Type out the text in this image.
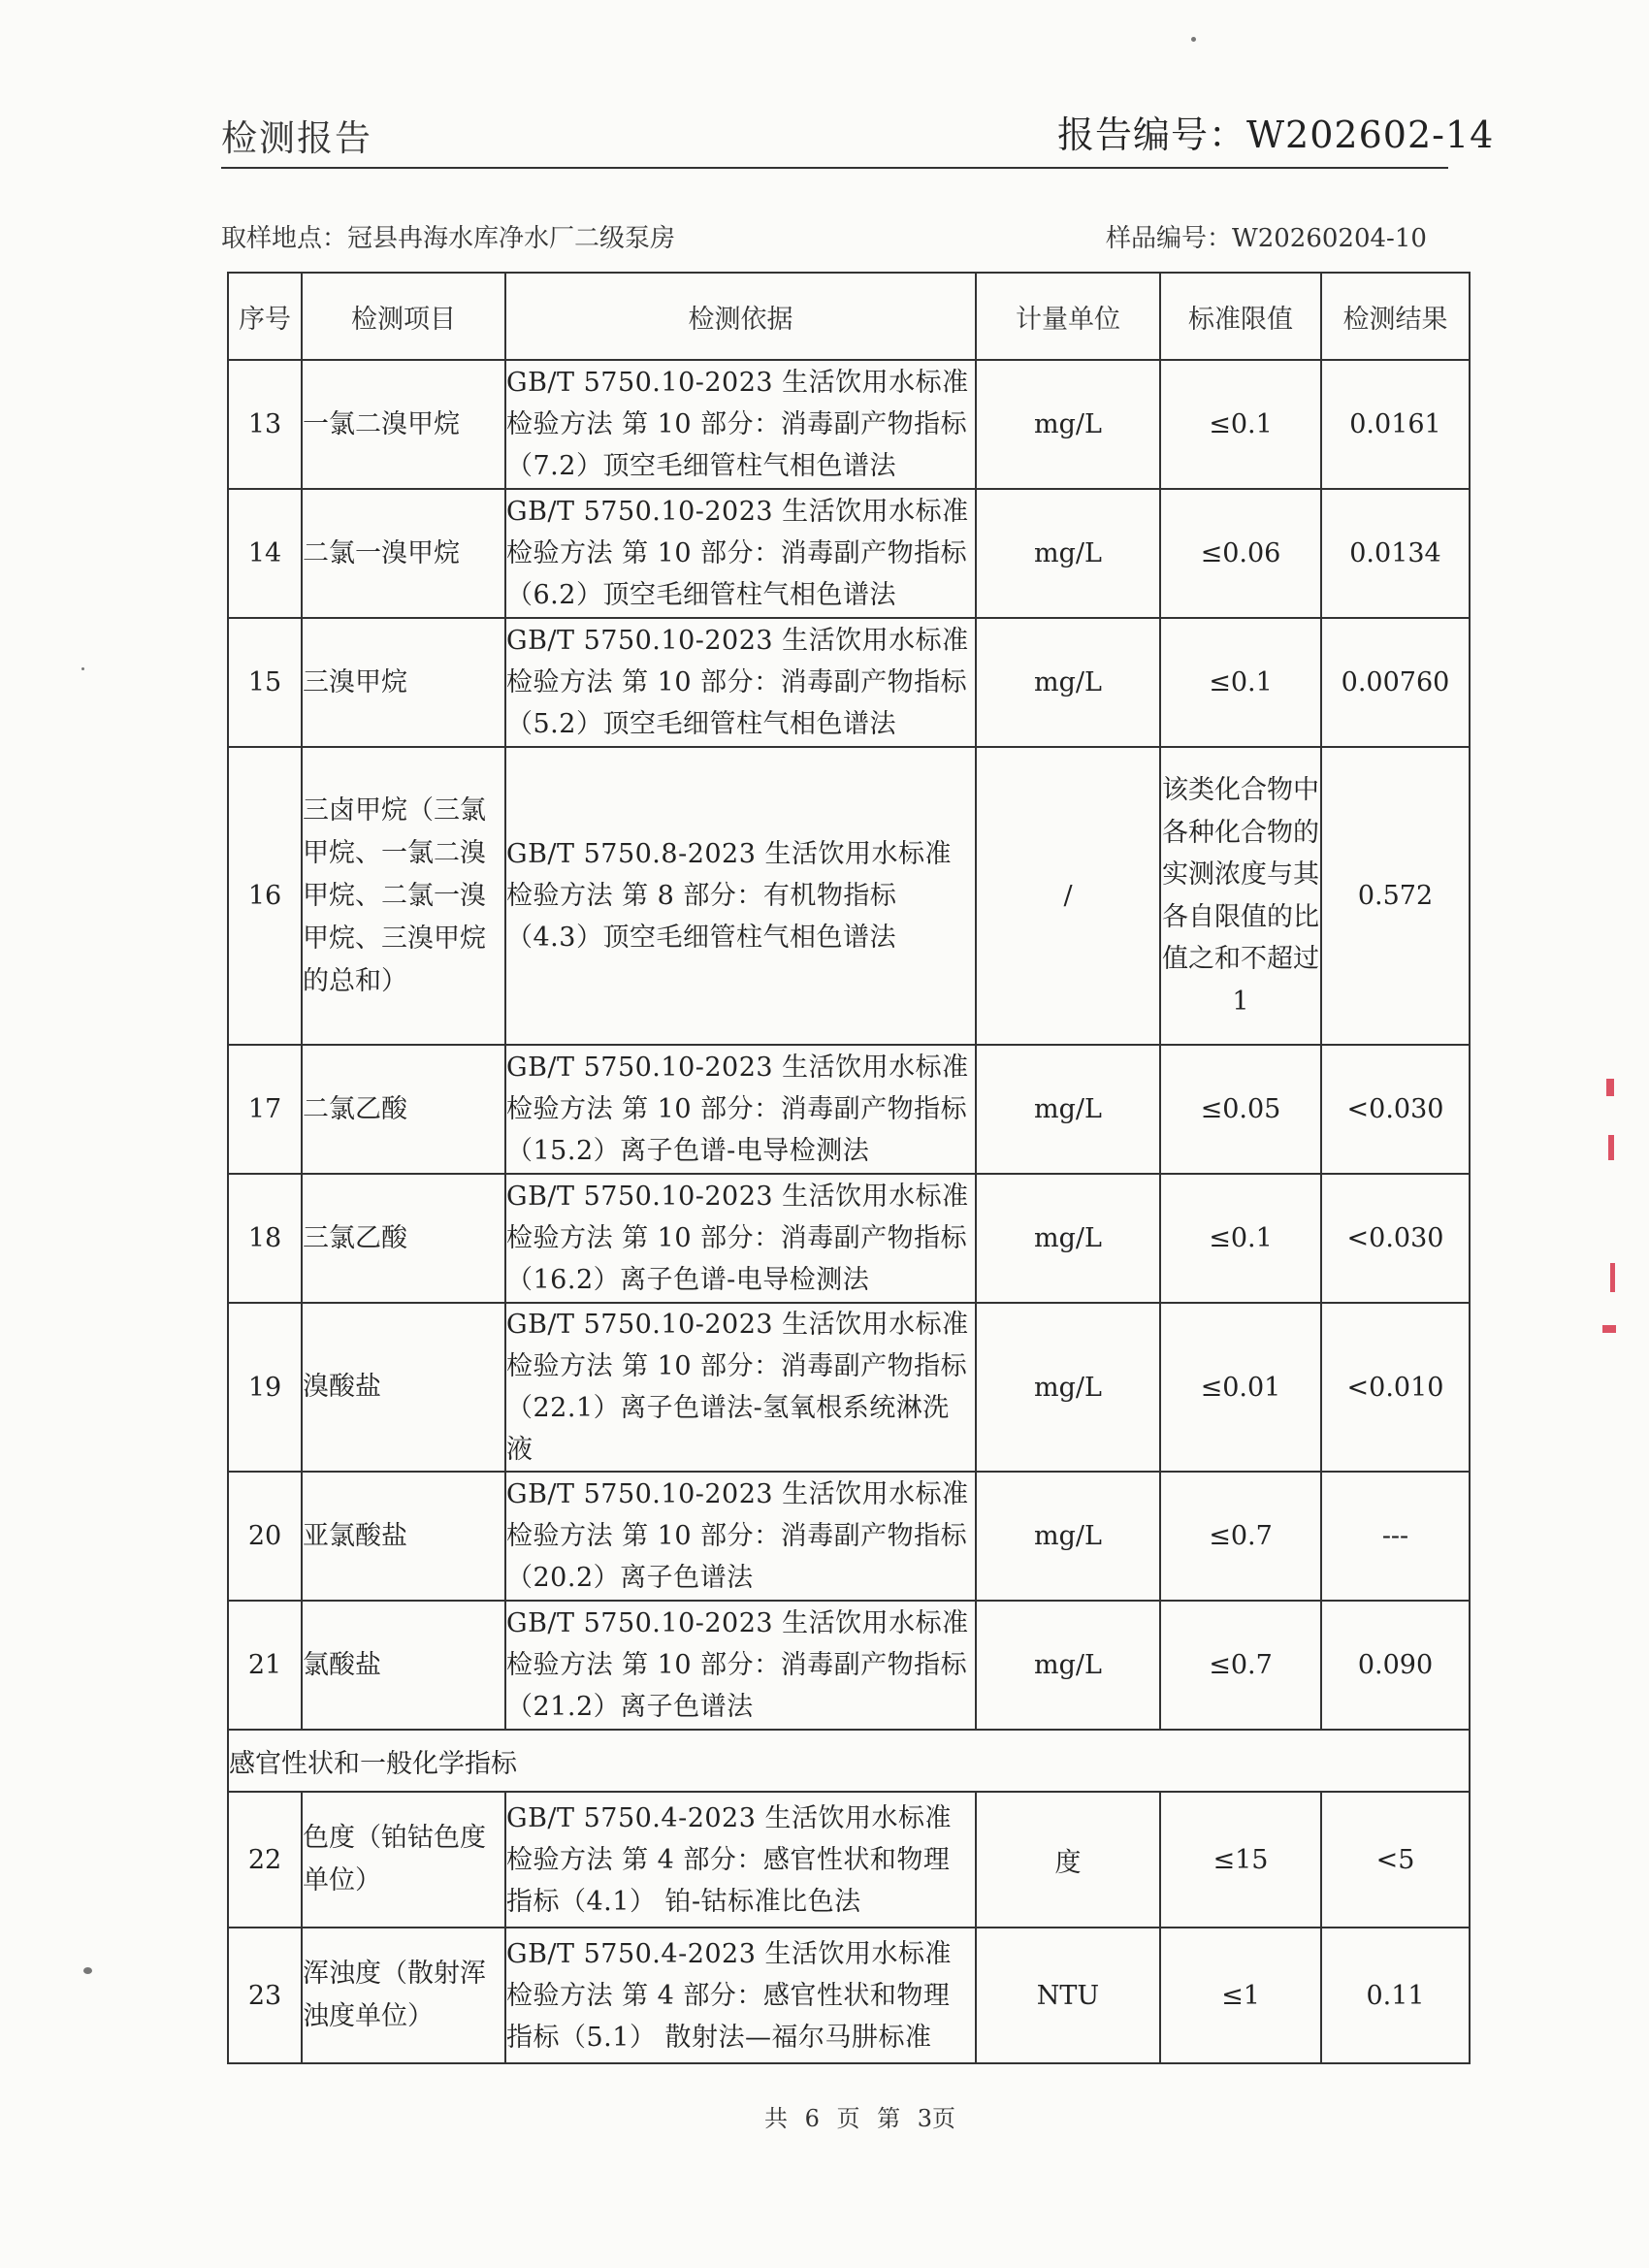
检测报告	报告编号：W202602-14
取样地点：冠县冉海水库净水厂二级泵房	样品编号：W20260204-10
序号	检测项目	检测依据	计量单位	标准限值	检测结果
13	一氯二溴甲烷	GB/T 5750.10-2023 生活饮用水标准检验方法 第 10 部分：消毒副产物指标（7.2）顶空毛细管柱气相色谱法	mg/L	≤0.1	0.0161
14	二氯一溴甲烷	GB/T 5750.10-2023 生活饮用水标准检验方法 第 10 部分：消毒副产物指标（6.2）顶空毛细管柱气相色谱法	mg/L	≤0.06	0.0134
15	三溴甲烷	GB/T 5750.10-2023 生活饮用水标准检验方法 第 10 部分：消毒副产物指标（5.2）顶空毛细管柱气相色谱法	mg/L	≤0.1	0.00760
16	三卤甲烷（三氯甲烷、一氯二溴甲烷、二氯一溴甲烷、三溴甲烷的总和）	GB/T 5750.8-2023 生活饮用水标准检验方法 第 8 部分：有机物指标（4.3）顶空毛细管柱气相色谱法	/	该类化合物中各种化合物的实测浓度与其各自限值的比值之和不超过1	0.572
17	二氯乙酸	GB/T 5750.10-2023 生活饮用水标准检验方法 第 10 部分：消毒副产物指标（15.2）离子色谱-电导检测法	mg/L	≤0.05	<0.030
18	三氯乙酸	GB/T 5750.10-2023 生活饮用水标准检验方法 第 10 部分：消毒副产物指标（16.2）离子色谱-电导检测法	mg/L	≤0.1	<0.030
19	溴酸盐	GB/T 5750.10-2023 生活饮用水标准检验方法 第 10 部分：消毒副产物指标（22.1）离子色谱法-氢氧根系统淋洗液	mg/L	≤0.01	<0.010
20	亚氯酸盐	GB/T 5750.10-2023 生活饮用水标准检验方法 第 10 部分：消毒副产物指标（20.2）离子色谱法	mg/L	≤0.7	---
21	氯酸盐	GB/T 5750.10-2023 生活饮用水标准检验方法 第 10 部分：消毒副产物指标（21.2）离子色谱法	mg/L	≤0.7	0.090
感官性状和一般化学指标					
22	色度（铂钴色度单位）	GB/T 5750.4-2023 生活饮用水标准检验方法 第 4 部分：感官性状和物理指标（4.1） 铂-钴标准比色法	度	≤15	<5
23	浑浊度（散射浑浊度单位）	GB/T 5750.4-2023 生活饮用水标准检验方法 第 4 部分：感官性状和物理指标（5.1） 散射法—福尔马肼标准	NTU	≤1	0.11
共 6 页 第 3页
